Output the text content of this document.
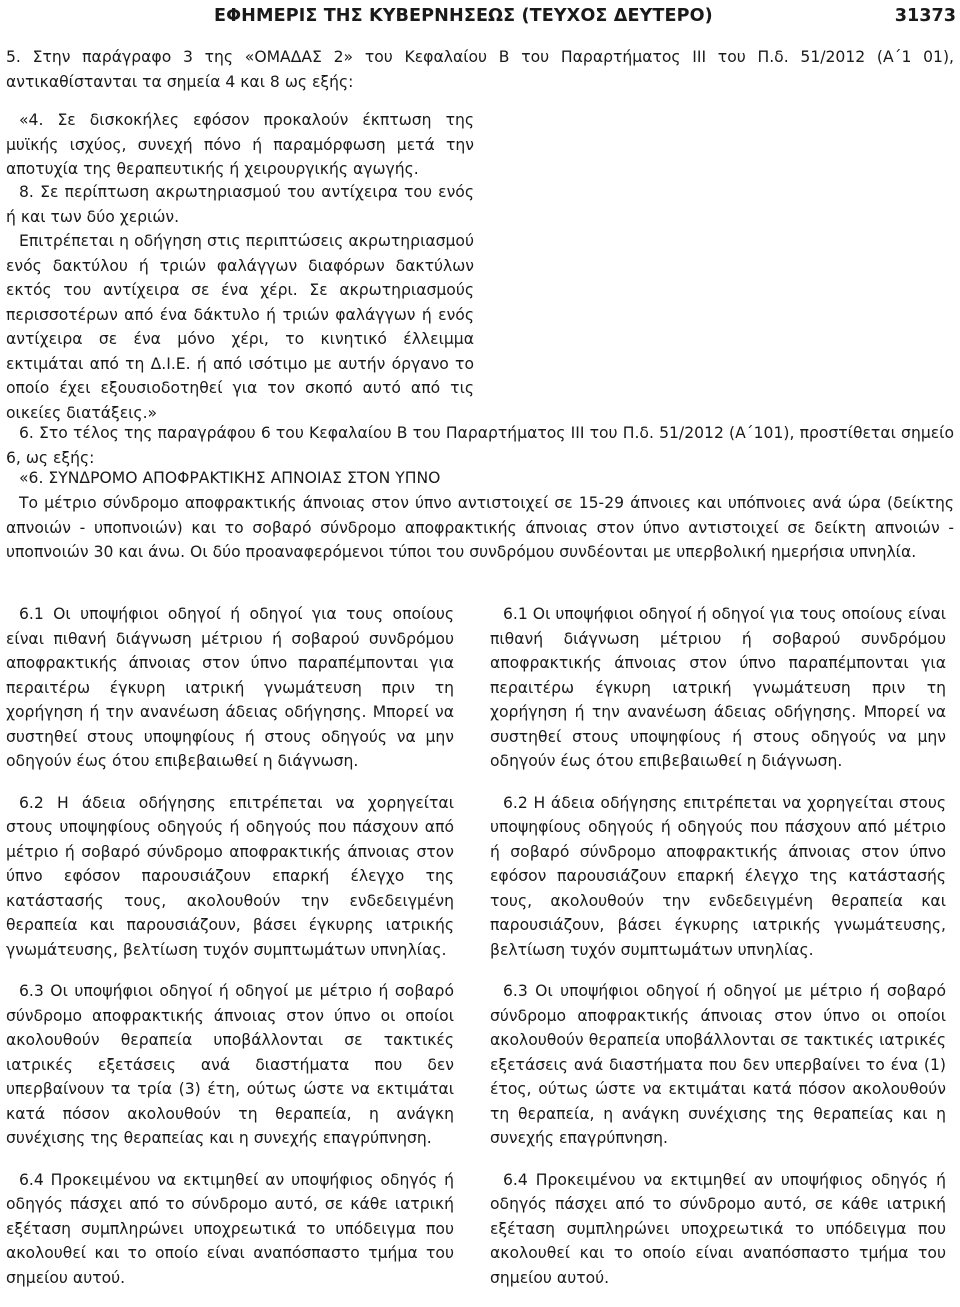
ΕΦΗΜΕΡΙΣ ΤΗΣ ΚΥΒΕΡΝΗΣΕΩΣ (ΤΕΥΧΟΣ ΔΕΥΤΕΡΟ)	31373

5. Στην παράγραφο 3 της «ΟΜΑΔΑΣ 2» του Κεφαλαίου Β του Παραρτήματος ΙΙΙ του Π.δ. 51/2012 (Α΄1 01), αντικαθίστανται τα σημεία 4 και 8 ως εξής:

«4. Σε δισκοκήλες εφόσον προκαλούν έκπτωση της μυϊκής ισχύος, συνεχή πόνο ή παραμόρφωση μετά την αποτυχία της θεραπευτικής ή χειρουργικής αγωγής.

8. Σε περίπτωση ακρωτηριασμού του αντίχειρα του ενός ή και των δύο χεριών.

Επιτρέπεται η οδήγηση στις περιπτώσεις ακρωτηριασμού ενός δακτύλου ή τριών φαλάγγων διαφόρων δακτύλων εκτός του αντίχειρα σε ένα χέρι. Σε ακρωτηριασμούς περισσοτέρων από ένα δάκτυλο ή τριών φαλάγγων ή ενός αντίχειρα σε ένα μόνο χέρι, το κινητικό έλλειμμα εκτιμάται από τη Δ.Ι.Ε. ή από ισότιμο με αυτήν όργανο το οποίο έχει εξουσιοδοτηθεί για τον σκοπό αυτό από τις οικείες διατάξεις.»

6. Στο τέλος της παραγράφου 6 του Κεφαλαίου Β του Παραρτήματος ΙΙΙ του Π.δ. 51/2012 (Α΄101), προστίθεται σημείο 6, ως εξής:

«6. ΣΥΝΔΡΟΜΟ ΑΠΟΦΡΑΚΤΙΚΗΣ ΑΠΝΟΙΑΣ ΣΤΟΝ ΥΠΝΟ
Το μέτριο σύνδρομο αποφρακτικής άπνοιας στον ύπνο αντιστοιχεί σε 15-29 άπνοιες και υπόπνοιες ανά ώρα (δείκτης απνοιών - υποπνοιών) και το σοβαρό σύνδρομο αποφρακτικής άπνοιας στον ύπνο αντιστοιχεί σε δείκτη απνοιών - υποπνοιών 30 και άνω. Οι δύο προαναφερόμενοι τύποι του συνδρόμου συνδέονται με υπερβολική ημερήσια υπνηλία.

6.1 Οι υποψήφιοι οδηγοί ή οδηγοί για τους οποίους είναι πιθανή διάγνωση μέτριου ή σοβαρού συνδρόμου αποφρακτικής άπνοιας στον ύπνο παραπέμπονται για περαιτέρω έγκυρη ιατρική γνωμάτευση πριν τη χορήγηση ή την ανανέωση άδειας οδήγησης. Μπορεί να συστηθεί στους υποψηφίους ή στους οδηγούς να μην οδηγούν έως ότου επιβεβαιωθεί η διάγνωση.

6.2 Η άδεια οδήγησης επιτρέπεται να χορηγείται στους υποψηφίους οδηγούς ή οδηγούς που πάσχουν από μέτριο ή σοβαρό σύνδρομο αποφρακτικής άπνοιας στον ύπνο εφόσον παρουσιάζουν επαρκή έλεγχο της κατάστασής τους, ακολουθούν την ενδεδειγμένη θεραπεία και παρουσιάζουν, βάσει έγκυρης ιατρικής γνωμάτευσης, βελτίωση τυχόν συμπτωμάτων υπνηλίας.

6.3 Οι υποψήφιοι οδηγοί ή οδηγοί με μέτριο ή σοβαρό σύνδρομο αποφρακτικής άπνοιας στον ύπνο οι οποίοι ακολουθούν θεραπεία υποβάλλονται σε τακτικές ιατρικές εξετάσεις ανά διαστήματα που δεν υπερβαίνουν τα τρία (3) έτη, ούτως ώστε να εκτιμάται κατά πόσον ακολουθούν τη θεραπεία, η ανάγκη συνέχισης της θεραπείας και η συνεχής επαγρύπνηση.

6.4 Προκειμένου να εκτιμηθεί αν υποψήφιος οδηγός ή οδηγός πάσχει από το σύνδρομο αυτό, σε κάθε ιατρική εξέταση συμπληρώνει υποχρεωτικά το υπόδειγμα που ακολουθεί και το οποίο είναι αναπόσπαστο τμήμα του σημείου αυτού.

6.1 Οι υποψήφιοι οδηγοί ή οδηγοί για τους οποίους είναι πιθανή διάγνωση μέτριου ή σοβαρού συνδρόμου αποφρακτικής άπνοιας στον ύπνο παραπέμπονται για περαιτέρω έγκυρη ιατρική γνωμάτευση πριν τη χορήγηση ή την ανανέωση άδειας οδήγησης. Μπορεί να συστηθεί στους υποψηφίους ή στους οδηγούς να μην οδηγούν έως ότου επιβεβαιωθεί η διάγνωση.

6.2 Η άδεια οδήγησης επιτρέπεται να χορηγείται στους υποψηφίους οδηγούς ή οδηγούς που πάσχουν από μέτριο ή σοβαρό σύνδρομο αποφρακτικής άπνοιας στον ύπνο εφόσον παρουσιάζουν επαρκή έλεγχο της κατάστασής τους, ακολουθούν την ενδεδειγμένη θεραπεία και παρουσιάζουν, βάσει έγκυρης ιατρικής γνωμάτευσης, βελτίωση τυχόν συμπτωμάτων υπνηλίας.

6.3 Οι υποψήφιοι οδηγοί ή οδηγοί με μέτριο ή σοβαρό σύνδρομο αποφρακτικής άπνοιας στον ύπνο οι οποίοι ακολουθούν θεραπεία υποβάλλονται σε τακτικές ιατρικές εξετάσεις ανά διαστήματα που δεν υπερβαίνει το ένα (1) έτος, ούτως ώστε να εκτιμάται κατά πόσον ακολουθούν τη θεραπεία, η ανάγκη συνέχισης της θεραπείας και η συνεχής επαγρύπνηση.

6.4 Προκειμένου να εκτιμηθεί αν υποψήφιος οδηγός ή οδηγός πάσχει από το σύνδρομο αυτό, σε κάθε ιατρική εξέταση συμπληρώνει υποχρεωτικά το υπόδειγμα που ακολουθεί και το οποίο είναι αναπόσπαστο τμήμα του σημείου αυτού.
